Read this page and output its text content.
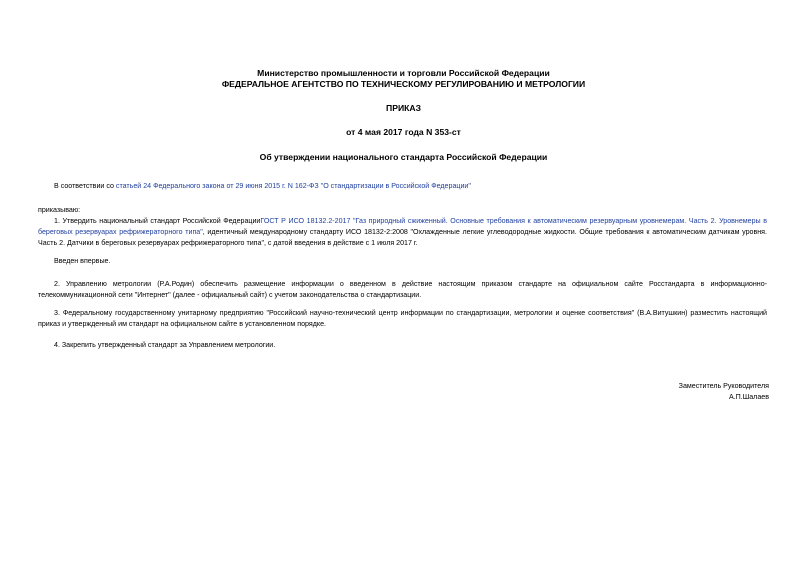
Министерство промышленности и торговли Российской Федерации
ФЕДЕРАЛЬНОЕ АГЕНТСТВО ПО ТЕХНИЧЕСКОМУ РЕГУЛИРОВАНИЮ И МЕТРОЛОГИИ
ПРИКАЗ
от 4 мая 2017 года N 353-ст
Об утверждении национального стандарта Российской Федерации
В соответствии со статьей 24 Федерального закона от 29 июня 2015 г. N 162-ФЗ "О стандартизации в Российской Федерации"
приказываю:
1. Утвердить национальный стандарт Российской ФедерацииГОСТ Р ИСО 18132.2-2017 "Газ природный сжиженный. Основные требования к автоматическим резервуарным уровнемерам. Часть 2. Уровнемеры в береговых резервуарах рефрижераторного типа", идентичный международному стандарту ИСО 18132-2:2008 "Охлажденные легкие углеводородные жидкости. Общие требования к автоматическим датчикам уровня. Часть 2. Датчики в береговых резервуарах рефрижераторного типа", с датой введения в действие с 1 июля 2017 г.
Введен впервые.
2. Управлению метрологии (Р.А.Родин) обеспечить размещение информации о введенном в действие настоящим приказом стандарте на официальном сайте Росстандарта в информационно-телекоммуникационной сети "Интернет" (далее - официальный сайт) с учетом законодательства о стандартизации.
3. Федеральному государственному унитарному предприятию "Российский научно-технический центр информации по стандартизации, метрологии и оценке соответствия" (В.А.Витушкин) разместить настоящий приказ и утвержденный им стандарт на официальном сайте в установленном порядке.
4. Закрепить утвержденный стандарт за Управлением метрологии.
Заместитель Руководителя
А.П.Шалаев
